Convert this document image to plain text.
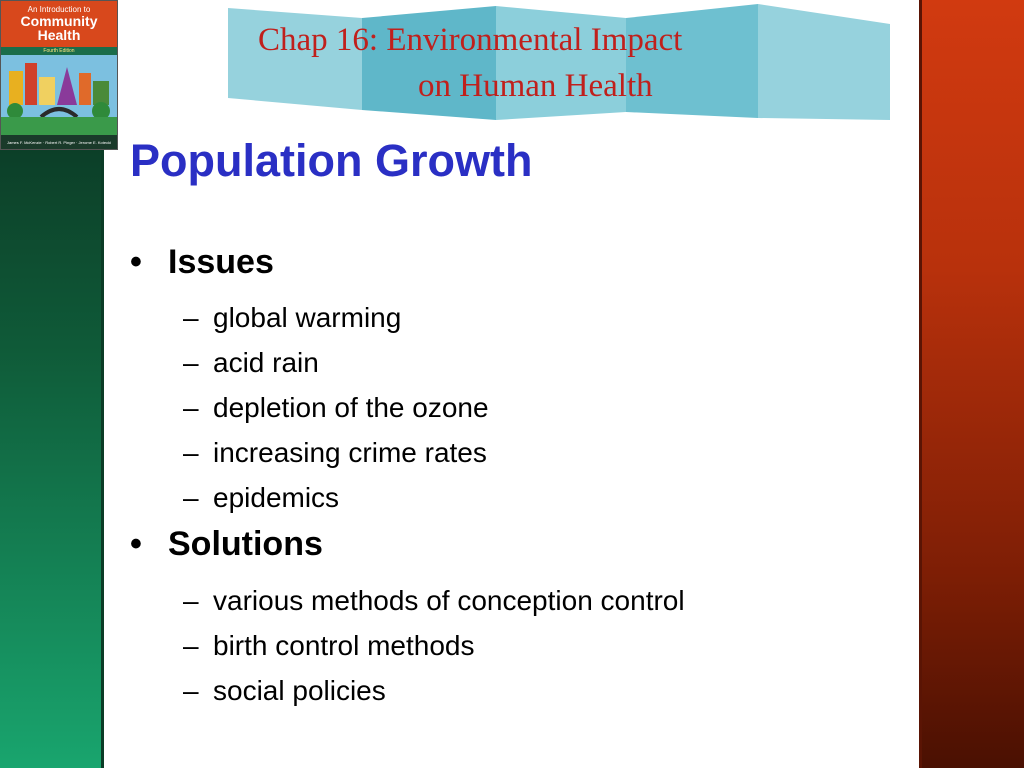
An Introduction to
Community
Health
Fourth Edition
James F. McKenzie · Robert R. Pinger · Jerome E. Kotecki
Chap 16: Environmental Impact
on Human Health
Population Growth
• Issues
– global warming
– acid rain
– depletion of the ozone
– increasing crime rates
– epidemics
• Solutions
– various methods of conception control
– birth control methods
– social policies
